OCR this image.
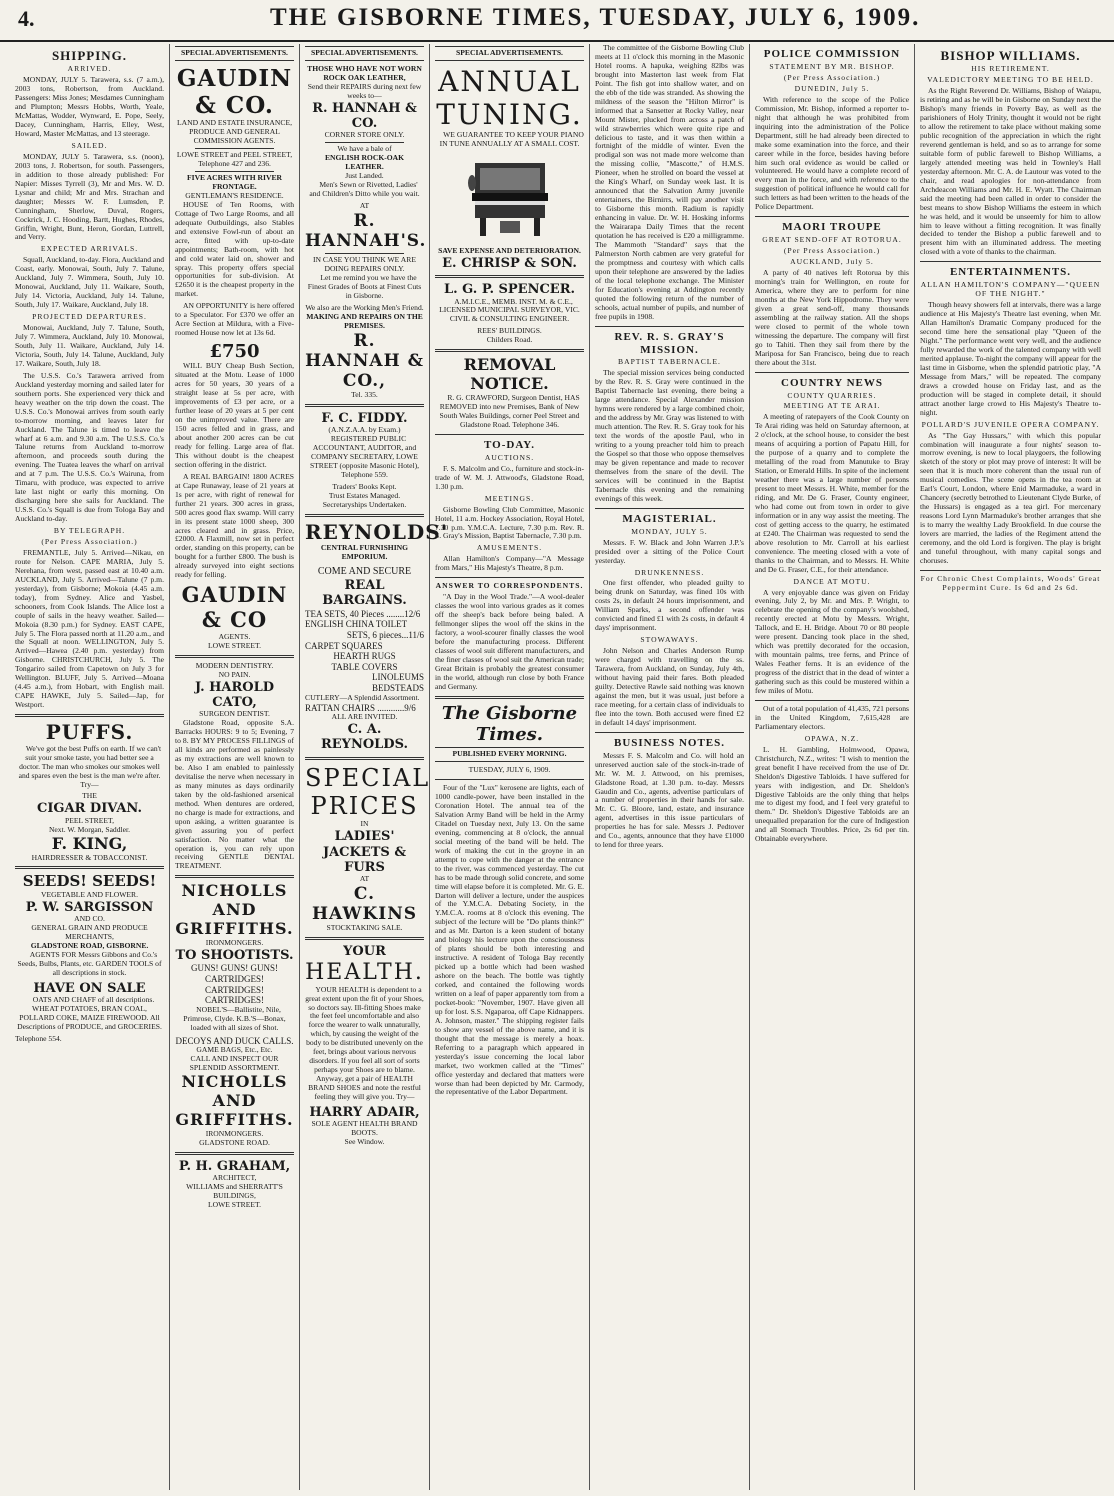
4.	THE GISBORNE TIMES, TUESDAY, JULY 6, 1909.
SHIPPING.
ARRIVED.

MONDAY, JULY 5. Tarawera, s.s. (7 a.m.), 2003 tons, Robertson, from Auckland. Passengers: Miss Jones; Mesdames Cunningham and Plumpton; Messrs Hobbs, Worth, Yeale, McMattas, Wodder, Wynward, E. Pope, Seely, Dacey, Cunningham, Harris, Elley, West, Howard, Master McMattas, and 13 steerage.

SAILED.

MONDAY, JULY 5. Tarawera, s.s. (noon), 2003 tons, J. Robertson, for south. Passengers, in addition to those already published: For Napier: Misses Tyrrell (3), Mr and Mrs. W. D. Lysnar and child; Mr and Mrs. Strachan and daughter; Messrs W. F. Lumsden, P. Cunningham, Sherlow, Duval, Rogers, Cockrick, J. C. Hooding, Bartt, Hughes, Rhodes, Griffin, Wright, Bunt, Heron, Gordan, Luttrell, and Verry.

EXPECTED ARRIVALS.

Squall, Auckland, to-day. Flora, Auckland and Coast, early. Monowai, South, July 7. Talune, Auckland, July 7. Wimmera, South, July 10. Monowai, Auckland, July 11. Waikare, South, July 14. Victoria, Auckland, July 14. Talune, South, July 17. Waikare, Auckland, July 18.

PROJECTED DEPARTURES.

Monowai, Auckland, July 7. Talune, South, July 7. Wimmera, Auckland, July 10. Monowai, South, July 11. Waikare, Auckland, July 14. Victoria, South, July 14. Talune, Auckland, July 17. Waikare, South, July 18.

The U.S.S. Co.'s Tarawera arrived from Auckland yesterday morning and sailed later for southern ports. She experienced very thick and heavy weather on the trip down the coast. The U.S.S. Co.'s Monowai arrives from south early to-morrow morning, and leaves later for Auckland. The Talune is timed to leave the wharf at 6 a.m. and 9.30 a.m. The U.S.S. Co.'s Talune returns from Auckland to-morrow afternoon, and proceeds south during the evening. The Tuatea leaves the wharf on arrival and at 7 p.m. The U.S.S. Co.'s Wairuna, from Timaru, with produce, was expected to arrive late last night or early this morning. On discharging here she sails for Auckland. The U.S.S. Co.'s Squall is due from Tologa Bay and Auckland to-day.

BY TELEGRAPH.
(Per Press Association.)

FREMANTLE, July 5. Arrived—Nikau, en route for Nelson. CAPE MARIA, July 5. Nerehana, from west, passed east at 10.40 a.m. AUCKLAND, July 5. Arrived—Talune (7 p.m. yesterday), from Gisborne; Mokoia (4.45 a.m. today), from Sydney. Alice and Yasbel, schooners, from Cook Islands. The Alice lost a couple of sails in the heavy weather. Sailed—Mokoia (8.30 p.m.) for Sydney. EAST CAPE, July 5. The Flora passed north at 11.20 a.m., and the Squall at noon. WELLINGTON, July 5. Arrived—Hawea (2.40 p.m. yesterday) from Gisborne. CHRISTCHURCH, July 5. The Tongariro sailed from Capetown on July 3 for Wellington. BLUFF, July 5. Arrived—Moana (4.45 a.m.), from Hobart, with English mail. CAPE HAWKE, July 5. Sailed—Jap, for Westport.

PUFFS.

We've got the best Puffs on earth. If we can't suit your smoke taste, you had better see a doctor. The man who smokes our smokes well and spares even the best is the man we're after. Try—

THE
CIGAR DIVAN.
PEEL STREET,
Next. W. Morgan, Saddler.
F. KING,
HAIRDRESSER & TOBACCONIST.
SEEDS! SEEDS!
VEGETABLE AND FLOWER.
P. W. SARGISSON
AND CO.
GENERAL GRAIN AND PRODUCE MERCHANTS,
GLADSTONE ROAD, GISBORNE.

AGENTS FOR Messrs Gibbons and Co.'s Seeds, Bulbs, Plants, etc. GARDEN TOOLS of all descriptions in stock.

HAVE ON SALE

OATS AND CHAFF of all descriptions. WHEAT POTATOES, BRAN COAL, POLLARD COKE, MAIZE FIREWOOD. All Descriptions of PRODUCE, and GROCERIES.

Telephone 554.
SPECIAL ADVERTISEMENTS.
GAUDIN & CO.
LAND AND ESTATE INSURANCE, PRODUCE AND GENERAL COMMISSION AGENTS.
LOWE STREET and PEEL STREET,
Telephone 427 and 236.
FIVE ACRES WITH RIVER FRONTAGE.
GENTLEMAN'S RESIDENCE.

HOUSE of Ten Rooms, with Cottage of Two Large Rooms, and all adequate Outbuildings, also Stables and extensive Fowl-run of about an acre, fitted with up-to-date appointments; Bath-room, with hot and cold water laid on, shower and spray. This property offers special opportunities for sub-division. At £2650 it is the cheapest property in the market.

AN OPPORTUNITY is here offered to a Speculator. For £370 we offer an Acre Section at Mildura, with a Five-roomed House now let at 13s 6d.

£750

WILL BUY Cheap Bush Section, situated at the Motu. Lease of 1000 acres for 50 years, 30 years of a straight lease at 5s per acre, with improvements of £3 per acre, or a further lease of 20 years at 5 per cent on the unimproved value. There are 150 acres felled and in grass, and about another 200 acres can be cut ready for felling. Large area of flat. This without doubt is the cheapest section offering in the district.

A REAL BARGAIN! 1800 ACRES at Cape Runaway, lease of 21 years at 1s per acre, with right of renewal for further 21 years. 300 acres in grass, 500 acres good flax swamp. Will carry in its present state 1000 sheep, 300 acres cleared and in grass. Price, £2000. A Flaxmill, now set in perfect order, standing on this property, can be bought for a further £800. The bush is already surveyed into eight sections ready for felling.

GAUDIN & CO
AGENTS.
LOWE STREET.
MODERN DENTISTRY.
NO PAIN.
J. HAROLD CATO,
SURGEON DENTIST.

Gladstone Road, opposite S.A. Barracks HOURS: 9 to 5; Evening, 7 to 8. BY MY PROCESS FILLINGS of all kinds are performed as painlessly as my extractions are well known to be. Also I am enabled to painlessly devitalise the nerve when necessary in as many minutes as days ordinarily taken by the old-fashioned arsenical method. When dentures are ordered, no charge is made for extractions, and upon asking, a written guarantee is given assuring you of perfect satisfaction. No matter what the operation is, you can rely upon receiving GENTLE DENTAL TREATMENT.

NICHOLLS AND GRIFFITHS.
IRONMONGERS.
TO SHOOTISTS.
GUNS! GUNS! GUNS!
CARTRIDGES! CARTRIDGES! CARTRIDGES!

NOBEL'S—Ballistite, Nile, Primrose, Clyde. K.B.'S—Bonax, loaded with all sizes of Shot.

DECOYS AND DUCK CALLS.
GAME BAGS, Etc., Etc.
CALL AND INSPECT OUR SPLENDID ASSORTMENT.
NICHOLLS AND GRIFFITHS.
IRONMONGERS.
GLADSTONE ROAD.
P. H. GRAHAM,
ARCHITECT,
WILLIAMS and SHERRATT'S
BUILDINGS,
LOWE STREET.
SPECIAL ADVERTISEMENTS.
THOSE WHO HAVE NOT WORN ROCK OAK LEATHER,
Send their REPAIRS during next few weeks to—
R. HANNAH & CO.
CORNER STORE ONLY.
We have a bale of
ENGLISH ROCK-OAK LEATHER.
Just Landed.

Men's Sewn or Rivetted, Ladies' and Children's Ditto while you wait.

AT
R. HANNAH'S.
IN CASE YOU THINK WE ARE DOING REPAIRS ONLY.

Let me remind you we have the Finest Grades of Boots at Finest Cuts in Gisborne.

We also are the Working Men's Friend.
MAKING AND REPAIRS ON THE PREMISES.
R. HANNAH & CO.,
Tel. 335.
F. C. FIDDY.
(A.N.Z.A.A. by Exam.)

REGISTERED PUBLIC ACCOUNTANT, AUDITOR, and COMPANY SECRETARY, LOWE STREET (opposite Masonic Hotel), Telephone 559.

Traders' Books Kept.
Trust Estates Managed.
Secretaryships Undertaken.
REYNOLDS'
CENTRAL FURNISHING EMPORIUM.
COME AND SECURE
REAL BARGAINS.
TEA SETS, 40 Pieces ........12/6
ENGLISH CHINA TOILET
SETS, 6 pieces...11/6
CARPET SQUARES
HEARTH RUGS
TABLE COVERS
LINOLEUMS
BEDSTEADS
CUTLERY—A Splendid Assortment.
RATTAN CHAIRS ............9/6
ALL ARE INVITED.
C. A. REYNOLDS.
SPECIAL
PRICES
IN
LADIES'
JACKETS & FURS
AT
C. HAWKINS
STOCKTAKING SALE.
YOUR
HEALTH.

YOUR HEALTH is dependent to a great extent upon the fit of your Shoes, so doctors say. Ill-fitting Shoes make the feet feel uncomfortable and also force the wearer to walk unnaturally, which, by causing the weight of the body to be distributed unevenly on the feet, brings about various nervous disorders. If you feel all sort of sorts perhaps your Shoes are to blame. Anyway, get a pair of HEALTH BRAND SHOES and note the restful feeling they will give you. Try—

HARRY ADAIR,
SOLE AGENT HEALTH BRAND BOOTS.
See Window.
SPECIAL ADVERTISEMENTS.
ANNUAL
TUNING.

WE GUARANTEE TO KEEP YOUR PIANO IN TUNE ANNUALLY AT A SMALL COST.

SAVE EXPENSE AND DETERIORATION.
E. CHRISP & SON.
L. G. P. SPENCER.

A.M.I.C.E., MEMB. INST. M. & C.E., LICENSED MUNICIPAL SURVEYOR, VIC. CIVIL & CONSULTING ENGINEER.

REES' BUILDINGS.
Childers Road.
REMOVAL NOTICE.

R. G. CRAWFORD, Surgeon Dentist, HAS REMOVED into new Premises, Bank of New South Wales Buildings, corner Peel Street and Gladstone Road. Telephone 346.

TO-DAY.
AUCTIONS.

F. S. Malcolm and Co., furniture and stock-in-trade of W. M. J. Attwood's, Gladstone Road, 1.30 p.m.

MEETINGS.

Gisborne Bowling Club Committee, Masonic Hotel, 11 a.m. Hockey Association, Royal Hotel, 7.30 p.m. Y.M.C.A. Lecture, 7.30 p.m. Rev. R. S. Gray's Mission, Baptist Tabernacle, 7.30 p.m.

AMUSEMENTS.

Allan Hamilton's Company—"A Message from Mars," His Majesty's Theatre, 8 p.m.

ANSWER TO CORRESPONDENTS.

"A Day in the Wool Trade."—A wool-dealer classes the wool into various grades as it comes off the sheep's back before being baled. A fellmonger slipes the wool off the skins in the factory, a wool-scourer finally classes the wool before the manufacturing process. Different classes of wool suit different manufacturers, and the finer classes of wool suit the American trade; Great Britain is probably the greatest consumer in the world, although run close by both France and Germany.

The Gisborne Times.
PUBLISHED EVERY MORNING.
TUESDAY, JULY 6, 1909.

Four of the "Lux" kerosene are lights, each of 1000 candle-power, have been installed in the Coronation Hotel. The annual tea of the Salvation Army Band will be held in the Army Citadel on Tuesday next, July 13. On the same evening, commencing at 8 o'clock, the annual social meeting of the band will be held. The work of making the cut in the groyne in an attempt to cope with the danger at the entrance to the river, was commenced yesterday. The cut has to be made through solid concrete, and some time will elapse before it is completed. Mr. G. E. Darton will deliver a lecture, under the auspices of the Y.M.C.A. Debating Society, in the Y.M.C.A. rooms at 8 o'clock this evening. The subject of the lecture will be "Do plants think?" and as Mr. Darton is a keen student of botany and biology his lecture upon the consciousness of plants should be both interesting and instructive. A resident of Tologa Bay recently picked up a bottle which had been washed ashore on the beach. The bottle was tightly corked, and contained the following words written on a leaf of paper apparently torn from a pocket-book: "November, 1907. Have given all up for lost. S.S. Ngaparoa, off Cape Kidnappers. A. Johnson, master." The shipping register fails to show any vessel of the above name, and it is thought that the message is merely a hoax. Referring to a paragraph which appeared in yesterday's issue concerning the local labor market, two workmen called at the "Times" office yesterday and declared that matters were worse than had been depicted by Mr. Carmody, the representative of the Labor Department.

The committee of the Gisborne Bowling Club meets at 11 o'clock this morning in the Masonic Hotel rooms. A hapuka, weighing 82lbs was brought into Masterton last week from Flat Point. The fish got into shallow water, and on the ebb of the tide was stranded. As showing the mildness of the season the "Hilton Mirror" is informed that a Sansetter at Rocky Valley, near Mount Mister, plucked from across a patch of wild strawberries which were quite ripe and delicious to taste, and it was then within a fortnight of the middle of winter. Even the prodigal son was not made more welcome than the missing collie, "Mascotte," of H.M.S. Pioneer, when he strolled on board the vessel at the King's Wharf, on Sunday week last. It is announced that the Salvation Army juvenile entertainers, the Birnirrs, will pay another visit to Gisborne this month. Radium is rapidly enhancing in value. Dr. W. H. Hosking informs the Wairarapa Daily Times that the recent quotation he has received is £20 a milligramme. The Mammoth "Standard" says that the Palmerston North cabmen are very grateful for the promptness and courtesy with which calls upon their telephone are answered by the ladies of the local telephone exchange. The Minister for Education's evening at Addington recently quoted the following return of the number of schools, actual number of pupils, and number of free pupils in 1908.

REV. R. S. GRAY'S MISSION.
BAPTIST TABERNACLE.

The special mission services being conducted by the Rev. R. S. Gray were continued in the Baptist Tabernacle last evening, there being a large attendance. Special Alexander mission hymns were rendered by a large combined choir, and the address by Mr. Gray was listened to with much attention. The Rev. R. S. Gray took for his text the words of the apostle Paul, who in writing to a young preacher told him to preach the Gospel so that those who oppose themselves may be given repentance and made to recover themselves from the snare of the devil. The services will be continued in the Baptist Tabernacle this evening and the remaining evenings of this week.

MAGISTERIAL.
MONDAY, JULY 5.

Messrs. F. W. Black and John Warren J.P.'s presided over a sitting of the Police Court yesterday.

DRUNKENNESS.

One first offender, who pleaded guilty to being drunk on Saturday, was fined 10s with costs 2s, in default 24 hours imprisonment, and William Sparks, a second offender was convicted and fined £1 with 2s costs, in default 4 days' imprisonment.

STOWAWAYS.

John Nelson and Charles Anderson Rump were charged with travelling on the ss. Tarawera, from Auckland, on Sunday, July 4th, without having paid their fares. Both pleaded guilty. Detective Rawle said nothing was known against the men, but it was usual, just before a race meeting, for a certain class of individuals to flee into the town. Both accused were fined £2 in default 14 days' imprisonment.

BUSINESS NOTES.

Messrs F. S. Malcolm and Co. will hold an unreserved auction sale of the stock-in-trade of Mr. W. M. J. Attwood, on his premises, Gladstone Road, at 1.30 p.m. to-day. Messrs Gaudin and Co., agents, advertise particulars of a number of properties in their hands for sale. Mr. C. G. Bloore, land, estate, and insurance agent, advertises in this issue particulars of properties he has for sale. Messrs J. Pedtover and Co., agents, announce that they have £1000 to lend for three years.

POLICE COMMISSION
STATEMENT BY MR. BISHOP.
(Per Press Association.)
DUNEDIN, July 5.

With reference to the scope of the Police Commission, Mr. Bishop, informed a reporter to-night that although he was prohibited from inquiring into the administration of the Police Department, still he had already been directed to make some examination into the force, and their career while in the force, besides having before him such oral evidence as would be called or volunteered. He would have a complete record of every man in the force, and with reference to the suggestion of political influence he would call for such letters as had been written to the heads of the Police Department.

MAORI TROUPE
GREAT SEND-OFF AT ROTORUA.
(Per Press Association.)
AUCKLAND, July 5.

A party of 40 natives left Rotorua by this morning's train for Wellington, en route for America, where they are to perform for nine months at the New York Hippodrome. They were given a great send-off, many thousands assembling at the railway station. All the shops were closed to permit of the whole town witnessing the departure. The company will first go to Tahiti. Then they sail from there by the Mariposa for San Francisco, being due to reach there about the 31st.

COUNTRY NEWS
COUNTY QUARRIES.
MEETING AT TE ARAI.

A meeting of ratepayers of the Cook County on Te Arai riding was held on Saturday afternoon, at 2 o'clock, at the school house, to consider the best means of acquiring a portion of Papatu Hill, for the purpose of a quarry and to complete the metalling of the road from Manutuke to Bray Station, or Emerald Hills. In spite of the inclement weather there was a large number of persons present to meet Messrs. H. White, member for the riding, and Mr. De G. Fraser, County engineer, who had come out from town in order to give information or in any way assist the meeting. The cost of getting access to the quarry, he estimated at £240. The Chairman was requested to send the above resolution to Mr. Carroll at his earliest convenience. The meeting closed with a vote of thanks to the Chairman, and to Messrs. H. White and De G. Fraser, C.E., for their attendance.

DANCE AT MOTU.

A very enjoyable dance was given on Friday evening, July 2, by Mr. and Mrs. P. Wright, to celebrate the opening of the company's woolshed, recently erected at Motu by Messrs. Wright, Tallock, and E. H. Bridge. About 70 or 80 people were present. Dancing took place in the shed, which was prettily decorated for the occasion, with mountain palms, tree ferns, and Prince of Wales Feather ferns. It is an evidence of the progress of the district that in the dead of winter a gathering such as this could be mustered within a few miles of Motu.

Out of a total population of 41,435, 721 persons in the United Kingdom, 7,615,428 are Parliamentary electors.

OPAWA, N.Z.

L. H. Gambling, Holmwood, Opawa, Christchurch, N.Z., writes: "I wish to mention the great benefit I have received from the use of Dr. Sheldon's Digestive Tabloids. I have suffered for years with indigestion, and Dr. Sheldon's Digestive Tabloids are the only thing that helps me to digest my food, and I feel very grateful to them." Dr. Sheldon's Digestive Tabloids are an unequalled preparation for the cure of Indigestion and all Stomach Troubles. Price, 2s 6d per tin. Obtainable everywhere.

BISHOP WILLIAMS.
HIS RETIREMENT.
VALEDICTORY MEETING TO BE HELD.

As the Right Reverend Dr. Williams, Bishop of Waiapu, is retiring and as he will be in Gisborne on Sunday next the Bishop's many friends in Poverty Bay, as well as the parishioners of Holy Trinity, thought it would not be right to allow the retirement to take place without making some public recognition of the appreciation in which the right reverend gentleman is held, and so as to arrange for some suitable form of public farewell to Bishop Williams, a largely attended meeting was held in Townley's Hall yesterday afternoon. Mr. C. A. de Lautour was voted to the chair, and read apologies for non-attendance from Archdeacon Williams and Mr. H. E. Wyatt. The Chairman said the meeting had been called in order to consider the best means to show Bishop Williams the esteem in which he was held, and it would be unseemly for him to allow him to leave without a fitting recognition. It was finally decided to tender the Bishop a public farewell and to present him with an illuminated address. The meeting closed with a vote of thanks to the chairman.

ENTERTAINMENTS.
ALLAN HAMILTON'S COMPANY—"QUEEN OF THE NIGHT."

Though heavy showers fell at intervals, there was a large audience at His Majesty's Theatre last evening, when Mr. Allan Hamilton's Dramatic Company produced for the second time here the sensational play "Queen of the Night." The performance went very well, and the audience fully rewarded the work of the talented company with well merited applause. To-night the company will appear for the last time in Gisborne, when the splendid patriotic play, "A Message from Mars," will be repeated. The company draws a crowded house on Friday last, and as the production will be staged in complete detail, it should attract another large crowd to His Majesty's Theatre to-night.

POLLARD'S JUVENILE OPERA COMPANY.

As "The Gay Hussars," with which this popular combination will inaugurate a four nights' season to-morrow evening, is new to local playgoers, the following sketch of the story or plot may prove of interest: It will be seen that it is much more coherent than the usual run of musical comedies. The scene opens in the tea room at Earl's Court, London, where Enid Marmaduke, a ward in Chancery (secretly betrothed to Lieutenant Clyde Burke, of the Hussars) is engaged as a tea girl. For mercenary reasons Lord Lynn Marmaduke's brother arranges that she is to marry the wealthy Lady Brookfield. In due course the lovers are married, the ladies of the Regiment attend the ceremony, and the old Lord is forgiven. The play is bright and tuneful throughout, with many capital songs and choruses.

For Chronic Chest Complaints, Woods' Great Peppermint Cure. Is 6d and 2s 6d.
